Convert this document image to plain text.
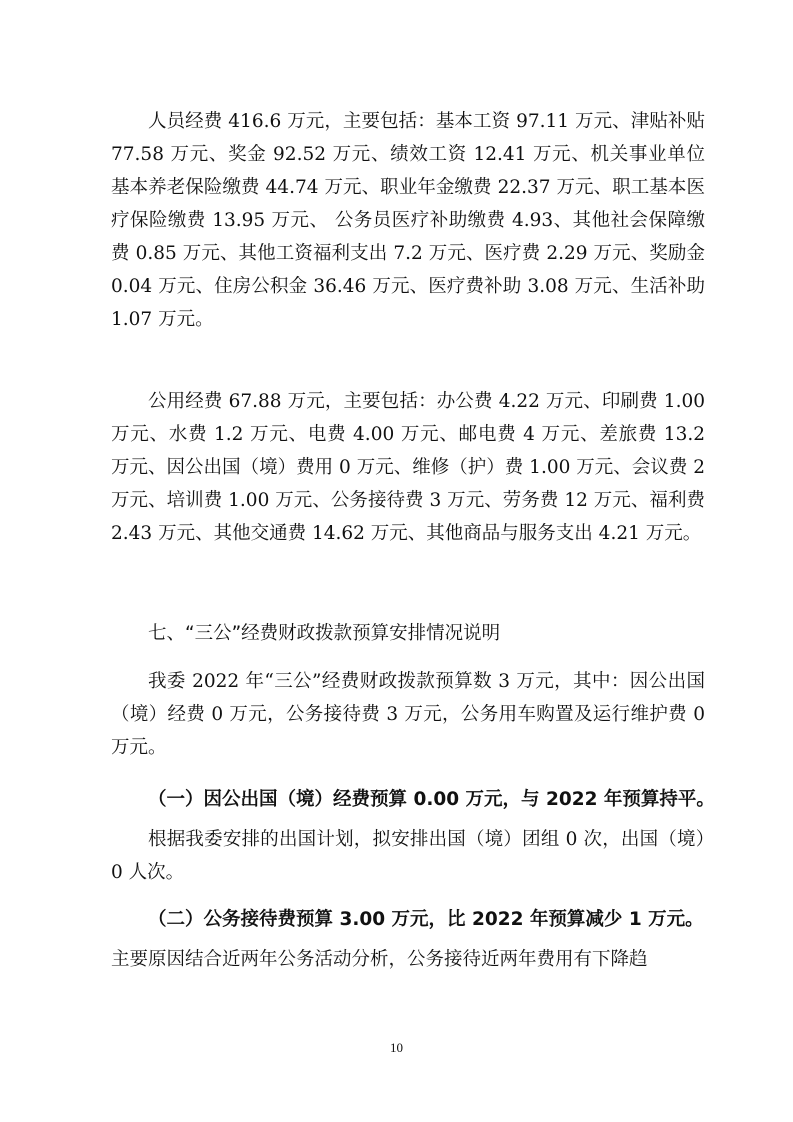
人员经费 416.6 万元，主要包括：基本工资 97.11 万元、津贴补贴 77.58 万元、奖金 92.52 万元、绩效工资 12.41 万元、机关事业单位基本养老保险缴费 44.74 万元、职业年金缴费 22.37 万元、职工基本医疗保险缴费 13.95 万元、 公务员医疗补助缴费 4.93、其他社会保障缴费 0.85 万元、其他工资福利支出 7.2 万元、医疗费 2.29 万元、奖励金 0.04 万元、住房公积金 36.46 万元、医疗费补助 3.08 万元、生活补助 1.07 万元。

公用经费 67.88 万元，主要包括：办公费 4.22 万元、印刷费 1.00 万元、水费 1.2 万元、电费 4.00 万元、邮电费 4 万元、差旅费 13.2 万元、因公出国（境）费用 0 万元、维修（护）费 1.00 万元、会议费 2 万元、培训费 1.00 万元、公务接待费 3 万元、劳务费 12 万元、福利费 2.43 万元、其他交通费 14.62 万元、其他商品与服务支出 4.21 万元。

七、“三公”经费财政拨款预算安排情况说明

我委 2022 年“三公”经费财政拨款预算数 3 万元，其中：因公出国（境）经费 0 万元，公务接待费 3 万元，公务用车购置及运行维护费 0 万元。

（一）因公出国（境）经费预算 0.00 万元，与 2022 年预算持平。

根据我委安排的出国计划，拟安排出国（境）团组 0 次，出国（境）0 人次。

（二）公务接待费预算 3.00 万元，比 2022 年预算减少 1 万元。

主要原因结合近两年公务活动分析，公务接待近两年费用有下降趋

10
